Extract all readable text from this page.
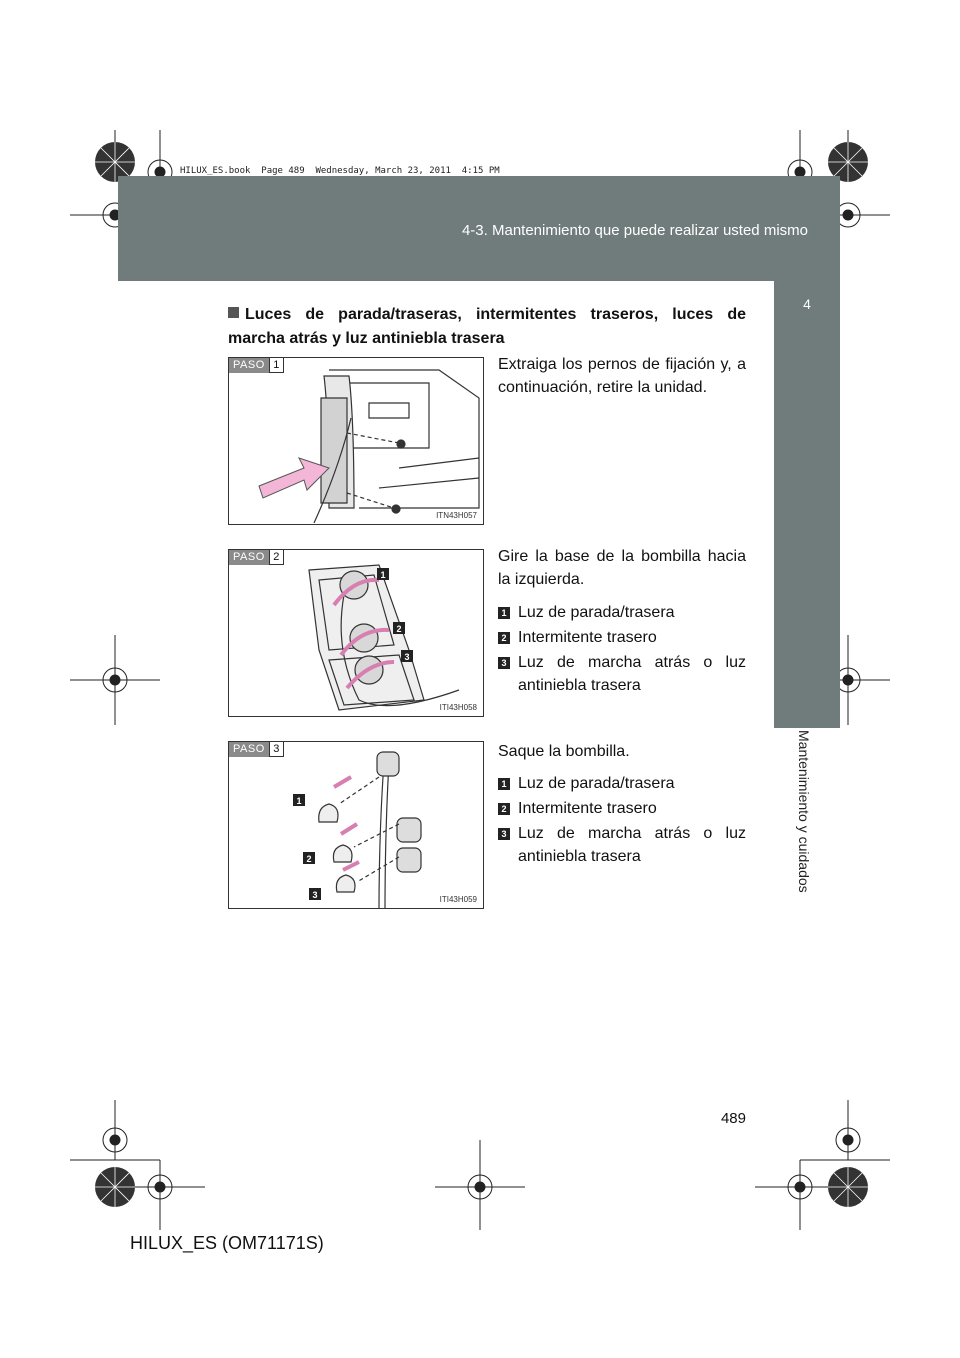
HILUX_ES.book  Page 489  Wednesday, March 23, 2011  4:15 PM
4-3. Mantenimiento que puede realizar usted mismo
4
Mantenimiento y cuidados
Luces de parada/traseras, intermitentes traseros, luces de marcha atrás y luz antiniebla trasera
PASO 1
ITN43H057
Extraiga los pernos de fijación y, a continuación, retire la unidad.
1
2
3
PASO 2
ITI43H058
Gire la base de la bombilla hacia la izquierda.
1 Luz de parada/trasera
2 Intermitente trasero
3 Luz de marcha atrás o luz antiniebla trasera
1
2
3
PASO 3
ITI43H059
Saque la bombilla.
1 Luz de parada/trasera
2 Intermitente trasero
3 Luz de marcha atrás o luz antiniebla trasera
489
HILUX_ES (OM71171S)
